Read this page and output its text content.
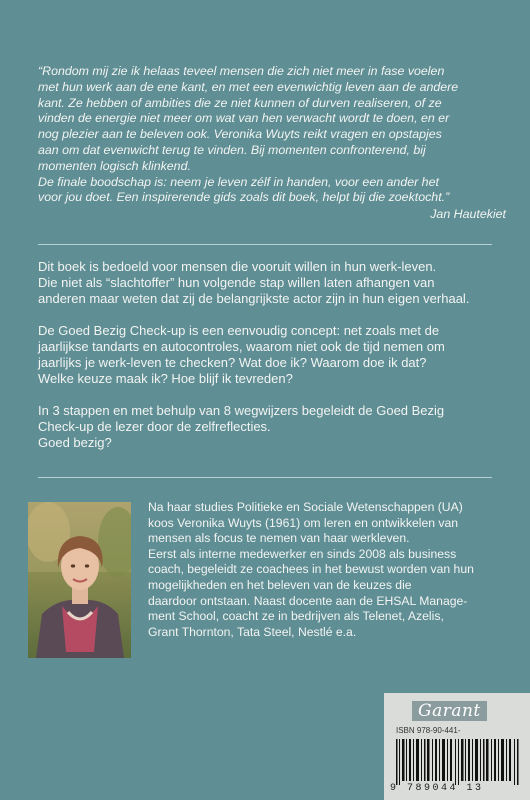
“Rondom mij zie ik helaas teveel mensen die zich niet meer in fase voelen

met hun werk aan de ene kant, en met een evenwichtig leven aan de andere

kant. Ze hebben of ambities die ze niet kunnen of durven realiseren, of ze

vinden de energie niet meer om wat van hen verwacht wordt te doen, en er

nog plezier aan te beleven ook. Veronika Wuyts reikt vragen en opstapjes

aan om dat evenwicht terug te vinden. Bij momenten confronterend, bij

momenten logisch klinkend.

De finale boodschap is: neem je leven zélf in handen, voor een ander het

voor jou doet. Een inspirerende gids zoals dit boek, helpt bij die zoektocht.”

Jan Hautekiet

Dit boek is bedoeld voor mensen die vooruit willen in hun werk-leven.
Die niet als “slachtoffer” hun volgende stap willen laten afhangen van
anderen maar weten dat zij de belangrijkste actor zijn in hun eigen verhaal.

De Goed Bezig Check-up is een eenvoudig concept: net zoals met de
jaarlijkse tandarts en autocontroles, waarom niet ook de tijd nemen om
jaarlijks je werk-leven te checken? Wat doe ik? Waarom doe ik dat?
Welke keuze maak ik? Hoe blijf ik tevreden?

In 3 stappen en met behulp van 8 wegwijzers begeleidt de Goed Bezig
Check-up de lezer door de zelfreflecties.
Goed bezig?

Na haar studies Politieke en Sociale Wetenschappen (UA)

koos Veronika Wuyts (1961) om leren en ontwikkelen van

mensen als focus te nemen van haar werkleven.

Eerst als interne medewerker en sinds 2008 als business

coach, begeleidt ze coachees in het bewust worden van hun

mogelijkheden en het beleven van de keuzes die

daardoor ontstaan. Naast docente aan de EHSAL Manage-

ment School, coacht ze in bedrijven als Telenet, Azelis,

Grant Thornton, Tata Steel, Nestlé e.a.

Garant
ISBN 978-90-441-
9 789044 13
